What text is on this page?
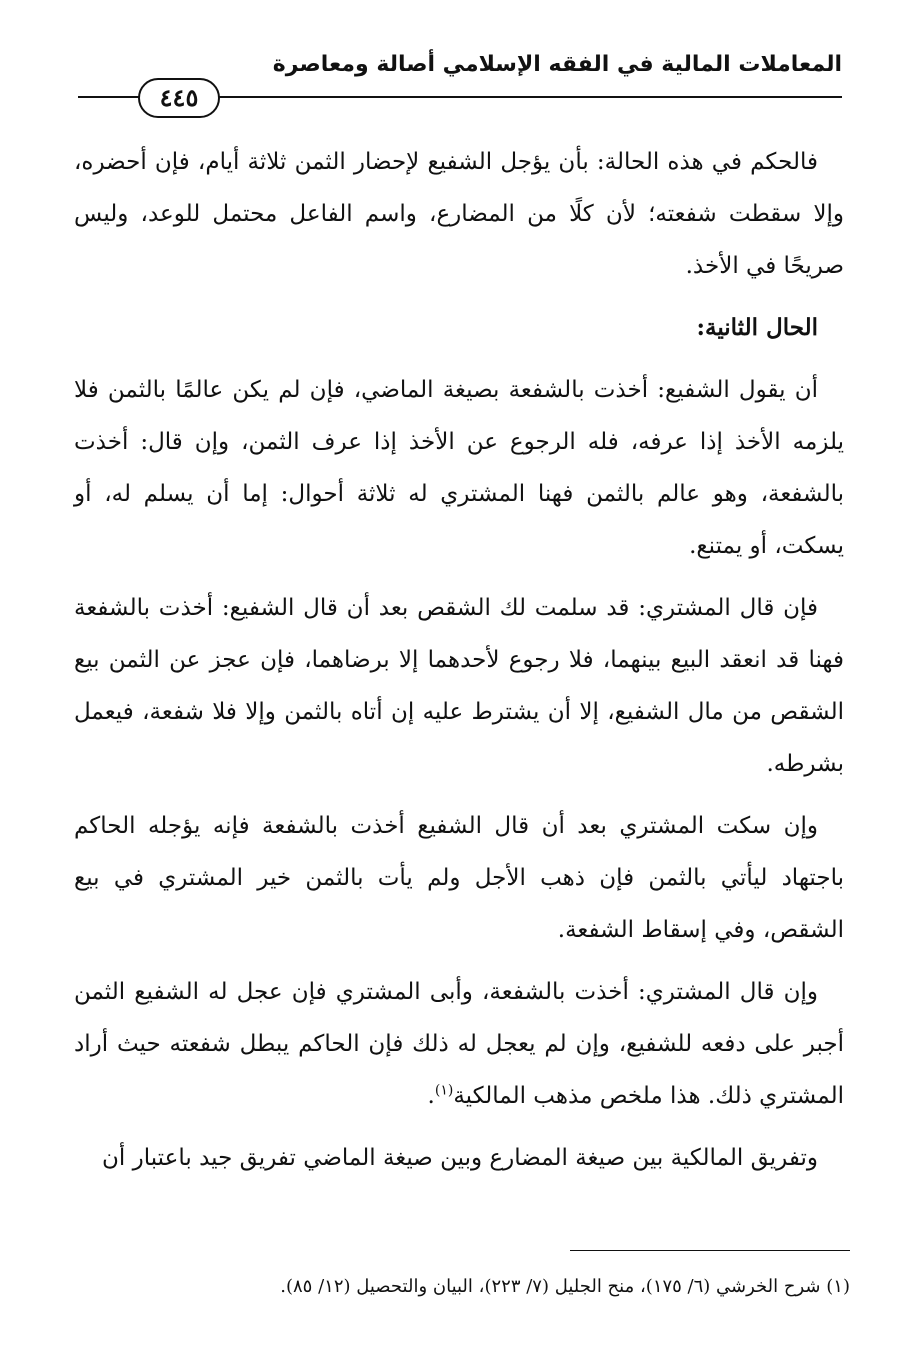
المعاملات المالية في الفقه الإسلامي أصالة ومعاصرة
٤٤٥

فالحكم في هذه الحالة: بأن يؤجل الشفيع لإحضار الثمن ثلاثة أيام، فإن أحضره، وإلا سقطت شفعته؛ لأن كلًا من المضارع، واسم الفاعل محتمل للوعد، وليس صريحًا في الأخذ.

الحال الثانية:

أن يقول الشفيع: أخذت بالشفعة بصيغة الماضي، فإن لم يكن عالمًا بالثمن فلا يلزمه الأخذ إذا عرفه، فله الرجوع عن الأخذ إذا عرف الثمن، وإن قال: أخذت بالشفعة، وهو عالم بالثمن فهنا المشتري له ثلاثة أحوال: إما أن يسلم له، أو يسكت، أو يمتنع.

فإن قال المشتري: قد سلمت لك الشقص بعد أن قال الشفيع: أخذت بالشفعة فهنا قد انعقد البيع بينهما، فلا رجوع لأحدهما إلا برضاهما، فإن عجز عن الثمن بيع الشقص من مال الشفيع، إلا أن يشترط عليه إن أتاه بالثمن وإلا فلا شفعة، فيعمل بشرطه.

وإن سكت المشتري بعد أن قال الشفيع أخذت بالشفعة فإنه يؤجله الحاكم باجتهاد ليأتي بالثمن فإن ذهب الأجل ولم يأت بالثمن خير المشتري في بيع الشقص، وفي إسقاط الشفعة.

وإن قال المشتري: أخذت بالشفعة، وأبى المشتري فإن عجل له الشفيع الثمن أجبر على دفعه للشفيع، وإن لم يعجل له ذلك فإن الحاكم يبطل شفعته حيث أراد المشتري ذلك. هذا ملخص مذهب المالكية$^{(١)}$.

وتفريق المالكية بين صيغة المضارع وبين صيغة الماضي تفريق جيد باعتبار أن

(١) شرح الخرشي (٦/ ١٧٥)، منح الجليل (٧/ ٢٢٣)، البيان والتحصيل (١٢/ ٨٥).
